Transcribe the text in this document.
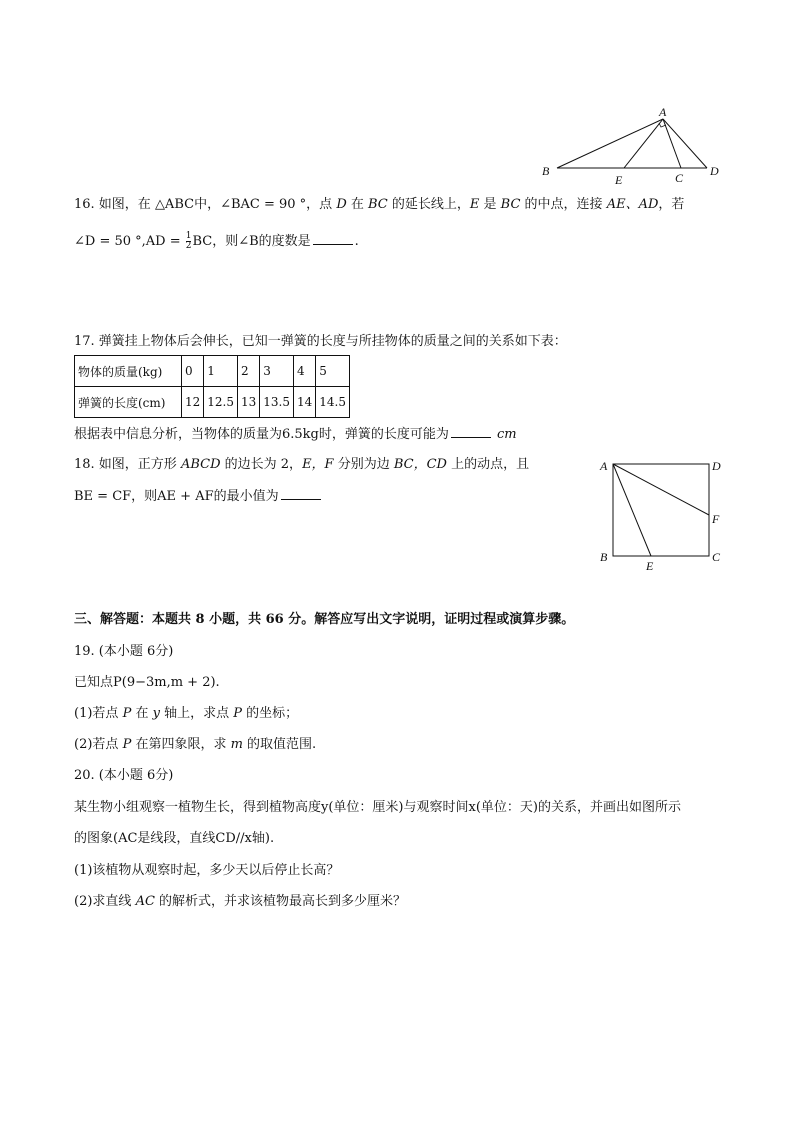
A
B
E	C D
16. 如图，在 △ABC中，∠BAC = 90 °，点 D 在 BC 的延长线上，E 是 BC 的中点，连接 AE、AD，若
∠D = 50 $^\circ,AD = \frac{1}{2}$ BC，则∠B的度数是	.
17. 弹簧挂上物体后会伸长，已知一弹簧的长度与所挂物体的质量之间的关系如下表：
物体的质量(kg)	0	1	2	3	4	5
弹簧的长度(cm)	12	12.5	13	13.5	14	14.5
根据表中信息分析，当物体的质量为6.5kg时，弹簧的长度可能为	cm
18. 如图，正方形 ABCD 的边长为 2，E，F 分别为边 BC，CD 上的动点，且
BE = CF，则AE + AF的最小值为
A	D
F
B	C
E
三、解答题：本题共 8 小题，共 66 分。解答应写出文字说明，证明过程或演算步骤。
19. (本小题 6分)
已知点P(9−3m,m + 2).
(1)若点 P 在 y 轴上，求点 P 的坐标；
(2)若点 P 在第四象限，求 m 的取值范围.
20. (本小题 6分)
某生物小组观察一植物生长，得到植物高度y(单位：厘米)与观察时间x(单位：天)的关系，并画出如图所示
的图象(AC是线段，直线CD//x轴).
(1)该植物从观察时起，多少天以后停止长高？
(2)求直线 AC 的解析式，并求该植物最高长到多少厘米？
